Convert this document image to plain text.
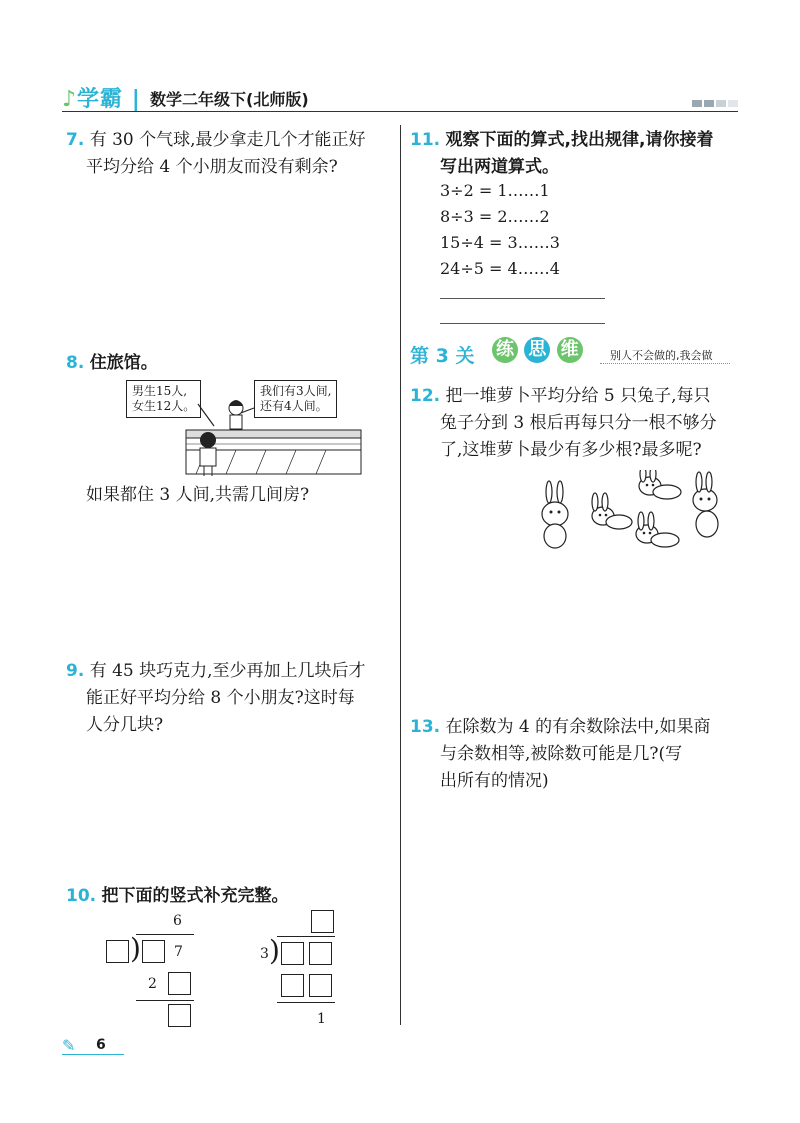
♪学霸 | 数学二年级下(北师版)
7. 有 30 个气球,最少拿走几个才能正好
平均分给 4 个小朋友而没有剩余?
8. 住旅馆。
男生15人,
女生12人。
我们有3人间,
还有4人间。
如果都住 3 人间,共需几间房?
9. 有 45 块巧克力,至少再加上几块后才
能正好平均分给 8 个小朋友?这时每
人分几块?
10. 把下面的竖式补充完整。
6
) 7
2
3 )
1
11. 观察下面的算式,找出规律,请你接着
写出两道算式。
3÷2 = 1……1
8÷3 = 2……2
15÷4 = 3……3
24÷5 = 4……4
第 3 关 练 思 维	别人不会做的,我会做
12. 把一堆萝卜平均分给 5 只兔子,每只
兔子分到 3 根后再每只分一根不够分
了,这堆萝卜最少有多少根?最多呢?
13. 在除数为 4 的有余数除法中,如果商
与余数相等,被除数可能是几?(写
出所有的情况)
✎ 6
